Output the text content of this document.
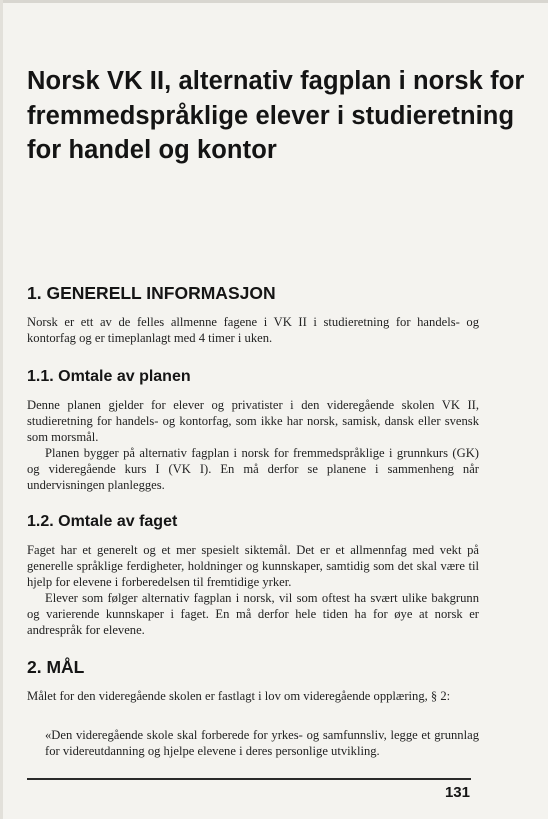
Norsk VK II, alternativ fagplan i norsk for fremmedspråklige elever i studieretning for handel og kontor
1. GENERELL INFORMASJON

Norsk er ett av de felles allmenne fagene i VK II i studieretning for handels- og kontorfag og er timeplanlagt med 4 timer i uken.

1.1. Omtale av planen

Denne planen gjelder for elever og privatister i den videregående skolen VK II, studieretning for handels- og kontorfag, som ikke har norsk, samisk, dansk eller svensk som morsmål.

Planen bygger på alternativ fagplan i norsk for fremmedspråklige i grunnkurs (GK) og videregående kurs I (VK I). En må derfor se planene i sammenheng når undervisningen planlegges.

1.2. Omtale av faget

Faget har et generelt og et mer spesielt siktemål. Det er et allmennfag med vekt på generelle språklige ferdigheter, holdninger og kunnskaper, samtidig som det skal være til hjelp for elevene i forberedelsen til fremtidige yrker.

Elever som følger alternativ fagplan i norsk, vil som oftest ha svært ulike bakgrunn og varierende kunnskaper i faget. En må derfor hele tiden ha for øye at norsk er andrespråk for elevene.

2. MÅL

Målet for den videregående skolen er fastlagt i lov om videregående opplæring, § 2:

«Den videregående skole skal forberede for yrkes- og samfunnsliv, legge et grunnlag for videreutdanning og hjelpe elevene i deres personlige utvikling.

131
